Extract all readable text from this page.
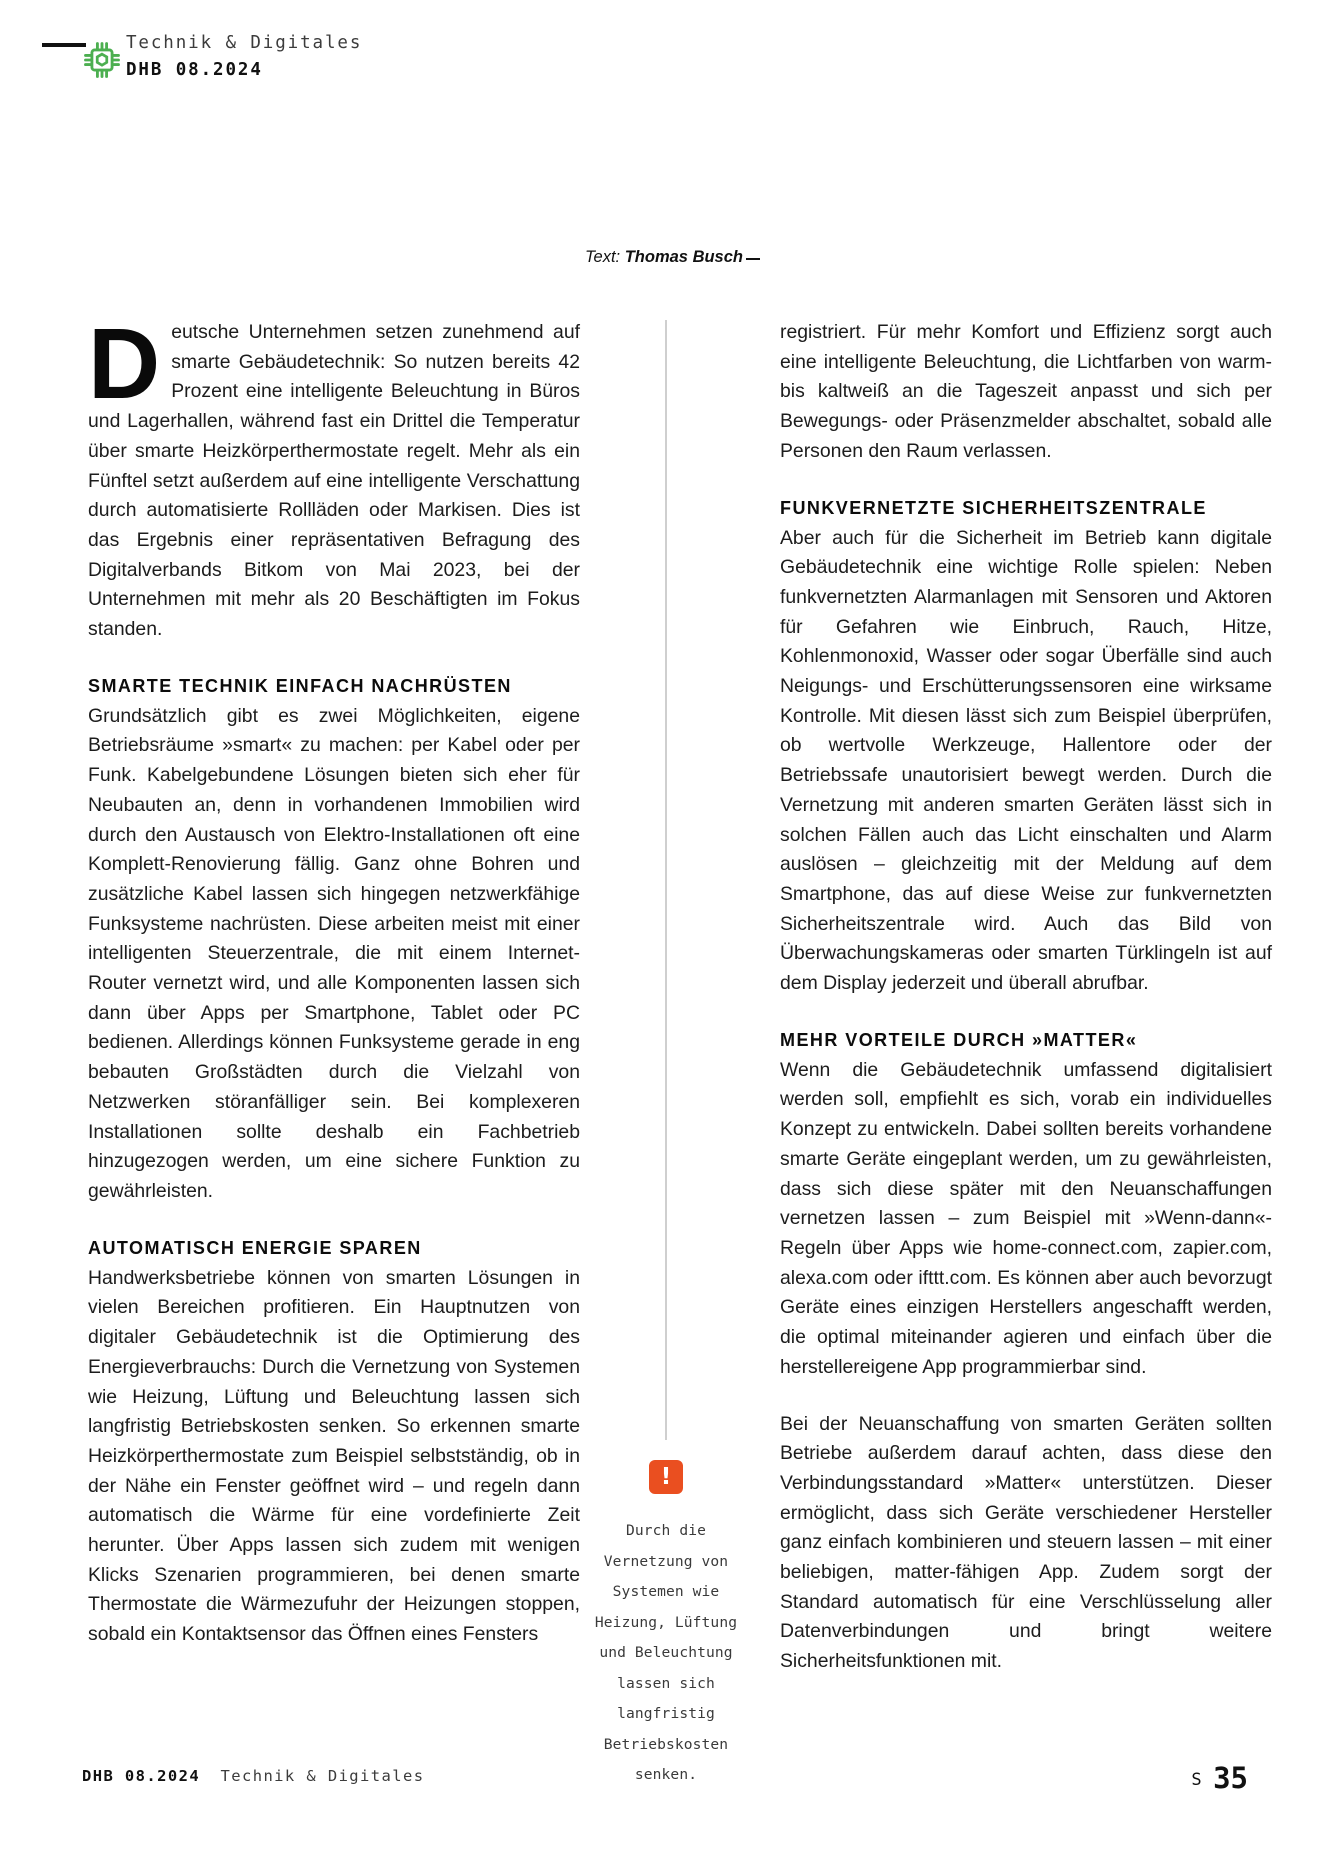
Technik & Digitales
DHB 08.2024
Text: Thomas Busch

Deutsche Unternehmen setzen zunehmend auf smarte Gebäudetechnik: So nutzen bereits 42 Prozent eine intelligente Beleuchtung in Büros und Lagerhallen, während fast ein Drittel die Temperatur über smarte Heizkörperthermostate regelt. Mehr als ein Fünftel setzt außerdem auf eine intelligente Verschattung durch automatisierte Rollläden oder Markisen. Dies ist das Ergebnis einer repräsentativen Befragung des Digitalverbands Bitkom von Mai 2023, bei der Unternehmen mit mehr als 20 Beschäftigten im Fokus standen.

SMARTE TECHNIK EINFACH NACHRÜSTEN

Grundsätzlich gibt es zwei Möglichkeiten, eigene Betriebsräume »smart« zu machen: per Kabel oder per Funk. Kabelgebundene Lösungen bieten sich eher für Neubauten an, denn in vorhandenen Immobilien wird durch den Austausch von Elektro-Installationen oft eine Komplett-Renovierung fällig. Ganz ohne Bohren und zusätzliche Kabel lassen sich hingegen netzwerkfähige Funksysteme nachrüsten. Diese arbeiten meist mit einer intelligenten Steuerzentrale, die mit einem Internet-Router vernetzt wird, und alle Komponenten lassen sich dann über Apps per Smartphone, Tablet oder PC bedienen. Allerdings können Funksysteme gerade in eng bebauten Großstädten durch die Vielzahl von Netzwerken störanfälliger sein. Bei komplexeren Installationen sollte deshalb ein Fachbetrieb hinzugezogen werden, um eine sichere Funktion zu gewährleisten.

AUTOMATISCH ENERGIE SPAREN

Handwerksbetriebe können von smarten Lösungen in vielen Bereichen profitieren. Ein Hauptnutzen von digitaler Gebäudetechnik ist die Optimierung des Energieverbrauchs: Durch die Vernetzung von Systemen wie Heizung, Lüftung und Beleuchtung lassen sich langfristig Betriebskosten senken. So erkennen smarte Heizkörperthermostate zum Beispiel selbstständig, ob in der Nähe ein Fenster geöffnet wird – und regeln dann automatisch die Wärme für eine vordefinierte Zeit herunter. Über Apps lassen sich zudem mit wenigen Klicks Szenarien programmieren, bei denen smarte Thermostate die Wärmezufuhr der Heizungen stoppen, sobald ein Kontaktsensor das Öffnen eines Fensters

!
Durch die Vernetzung von Systemen wie Heizung, Lüftung und Beleuchtung lassen sich langfristig Betriebskosten senken.

registriert. Für mehr Komfort und Effizienz sorgt auch eine intelligente Beleuchtung, die Lichtfarben von warm- bis kaltweiß an die Tageszeit anpasst und sich per Bewegungs- oder Präsenzmelder abschaltet, sobald alle Personen den Raum verlassen.

FUNKVERNETZTE SICHERHEITSZENTRALE

Aber auch für die Sicherheit im Betrieb kann digitale Gebäudetechnik eine wichtige Rolle spielen: Neben funkvernetzten Alarmanlagen mit Sensoren und Aktoren für Gefahren wie Einbruch, Rauch, Hitze, Kohlenmonoxid, Wasser oder sogar Überfälle sind auch Neigungs- und Erschütterungssensoren eine wirksame Kontrolle. Mit diesen lässt sich zum Beispiel überprüfen, ob wertvolle Werkzeuge, Hallentore oder der Betriebssafe unautorisiert bewegt werden. Durch die Vernetzung mit anderen smarten Geräten lässt sich in solchen Fällen auch das Licht einschalten und Alarm auslösen – gleichzeitig mit der Meldung auf dem Smartphone, das auf diese Weise zur funkvernetzten Sicherheitszentrale wird. Auch das Bild von Überwachungskameras oder smarten Türklingeln ist auf dem Display jederzeit und überall abrufbar.

MEHR VORTEILE DURCH »MATTER«

Wenn die Gebäudetechnik umfassend digitalisiert werden soll, empfiehlt es sich, vorab ein individuelles Konzept zu entwickeln. Dabei sollten bereits vorhandene smarte Geräte eingeplant werden, um zu gewährleisten, dass sich diese später mit den Neuanschaffungen vernetzen lassen – zum Beispiel mit »Wenn-dann«-Regeln über Apps wie home-connect.com, zapier.com, alexa.com oder ifttt.com. Es können aber auch bevorzugt Geräte eines einzigen Herstellers angeschafft werden, die optimal miteinander agieren und einfach über die herstellereigene App programmierbar sind.

Bei der Neuanschaffung von smarten Geräten sollten Betriebe außerdem darauf achten, dass diese den Verbindungsstandard »Matter« unterstützen. Dieser ermöglicht, dass sich Geräte verschiedener Hersteller ganz einfach kombinieren und steuern lassen – mit einer beliebigen, matter-fähigen App. Zudem sorgt der Standard automatisch für eine Verschlüsselung aller Datenverbindungen und bringt weitere Sicherheitsfunktionen mit.

DHB 08.2024 Technik & Digitales	S 35
